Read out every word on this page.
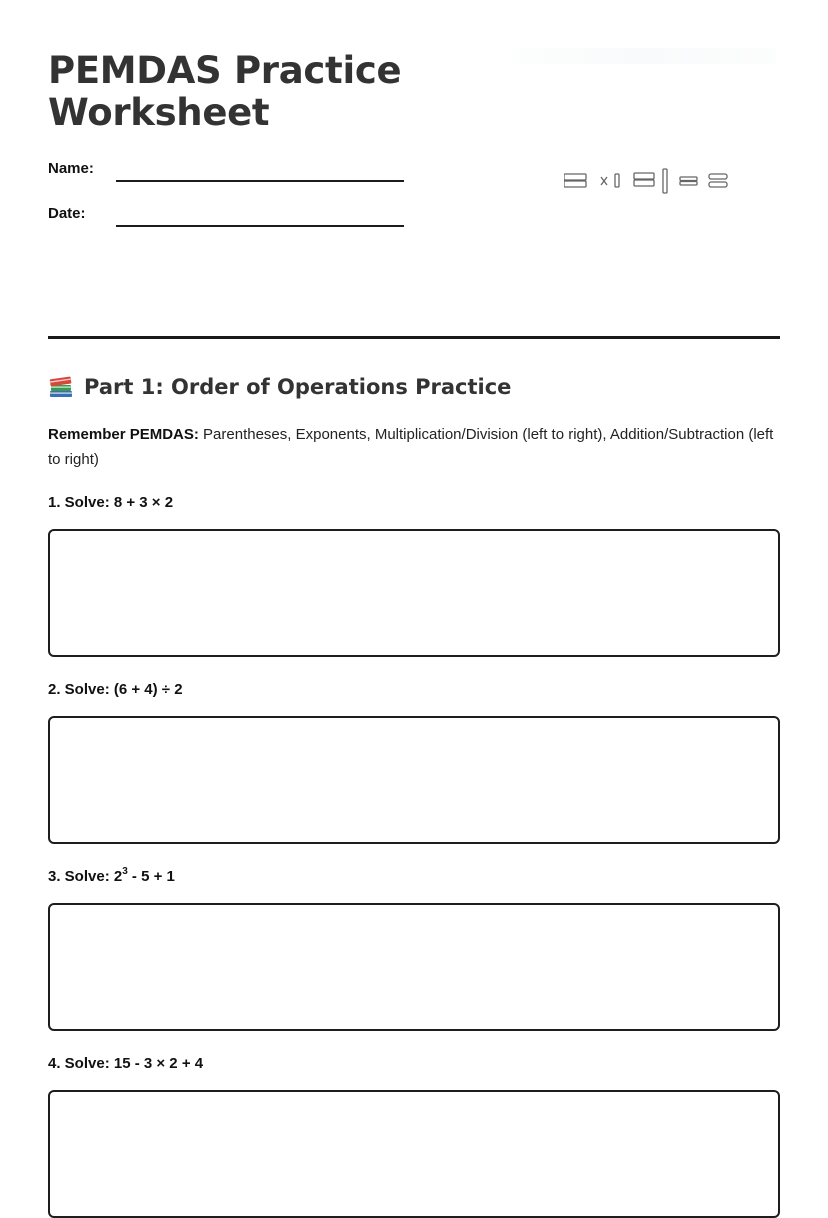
PEMDAS Practice Worksheet
Name:
Date:
Part 1: Order of Operations Practice

Remember PEMDAS: Parentheses, Exponents, Multiplication/Division (left to right), Addition/Subtraction (left to right)

1. Solve: 8 + 3 × 2
2. Solve: (6 + 4) ÷ 2
3. Solve: $2^3 - 5 + 1$
4. Solve: 15 - 3 × 2 + 4
